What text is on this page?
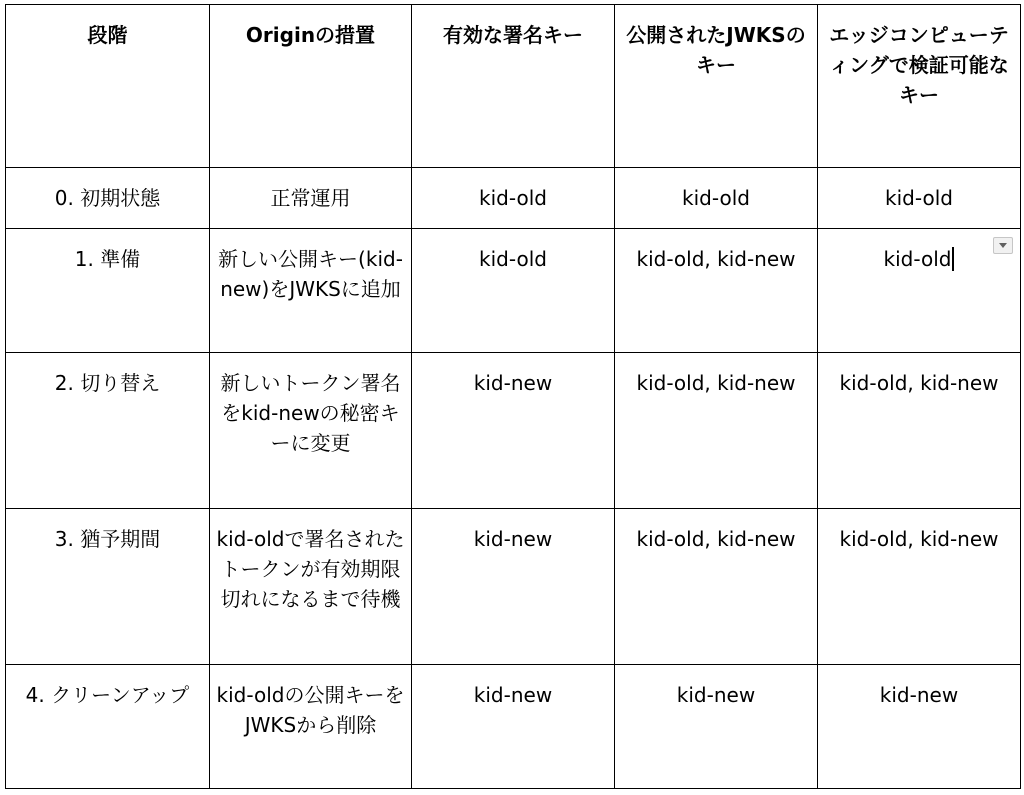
段階	Originの措置	有効な署名キー	公開されたJWKSのキー	エッジコンピューティングで検証可能なキー
0. 初期状態	正常運用	kid-old	kid-old	kid-old
1. 準備	新しい公開キー(kid-new)をJWKSに追加	kid-old	kid-old, kid-new	kid-old

2. 切り替え	新しいトークン署名をkid-newの秘密キーに変更	kid-new	kid-old, kid-new	kid-old, kid-new
3. 猶予期間	kid-oldで署名されたトークンが有効期限切れになるまで待機	kid-new	kid-old, kid-new	kid-old, kid-new
4. クリーンアップ	kid-oldの公開キーをJWKSから削除	kid-new	kid-new	kid-new
